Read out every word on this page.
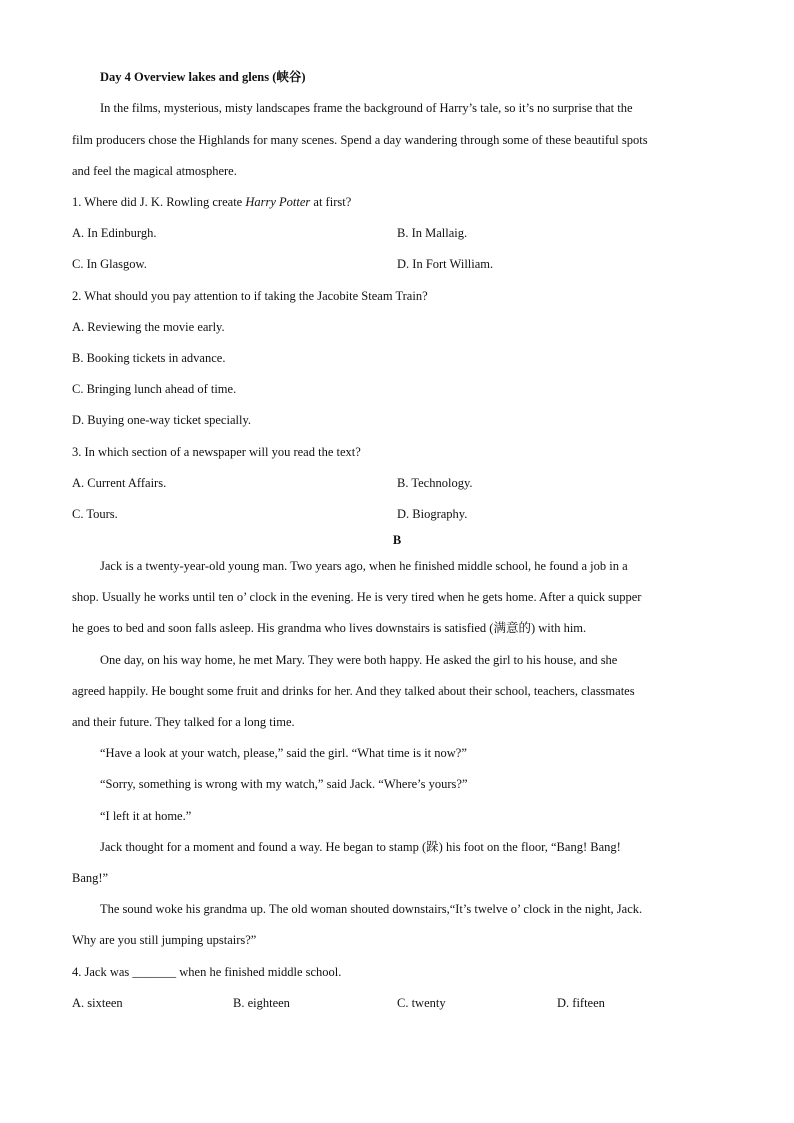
Day 4 Overview lakes and glens (峡谷)
In the films, mysterious, misty landscapes frame the background of Harry’s tale, so it’s no surprise that the
film producers chose the Highlands for many scenes. Spend a day wandering through some of these beautiful spots
and feel the magical atmosphere.
1. Where did J. K. Rowling create Harry Potter at first?
A. In Edinburgh.	B. In Mallaig.
C. In Glasgow.	D. In Fort William.
2. What should you pay attention to if taking the Jacobite Steam Train?
A. Reviewing the movie early.
B. Booking tickets in advance.
C. Bringing lunch ahead of time.
D. Buying one-way ticket specially.
3. In which section of a newspaper will you read the text?
A. Current Affairs.	B. Technology.
C. Tours.	D. Biography.
B
Jack is a twenty-year-old young man. Two years ago, when he finished middle school, he found a job in a
shop. Usually he works until ten o’ clock in the evening. He is very tired when he gets home. After a quick supper
he goes to bed and soon falls asleep. His grandma who lives downstairs is satisfied (满意的) with him.
One day, on his way home, he met Mary. They were both happy. He asked the girl to his house, and she
agreed happily. He bought some fruit and drinks for her. And they talked about their school, teachers, classmates
and their future. They talked for a long time.
“Have a look at your watch, please,” said the girl. “What time is it now?”
“Sorry, something is wrong with my watch,” said Jack. “Where’s yours?”
“I left it at home.”
Jack thought for a moment and found a way. He began to stamp (跺) his foot on the floor, “Bang! Bang!
Bang!”
The sound woke his grandma up. The old woman shouted downstairs,“It’s twelve o’ clock in the night, Jack.
Why are you still jumping upstairs?”
4. Jack was _______ when he finished middle school.
A. sixteen	B. eighteen	C. twenty	D. fifteen
